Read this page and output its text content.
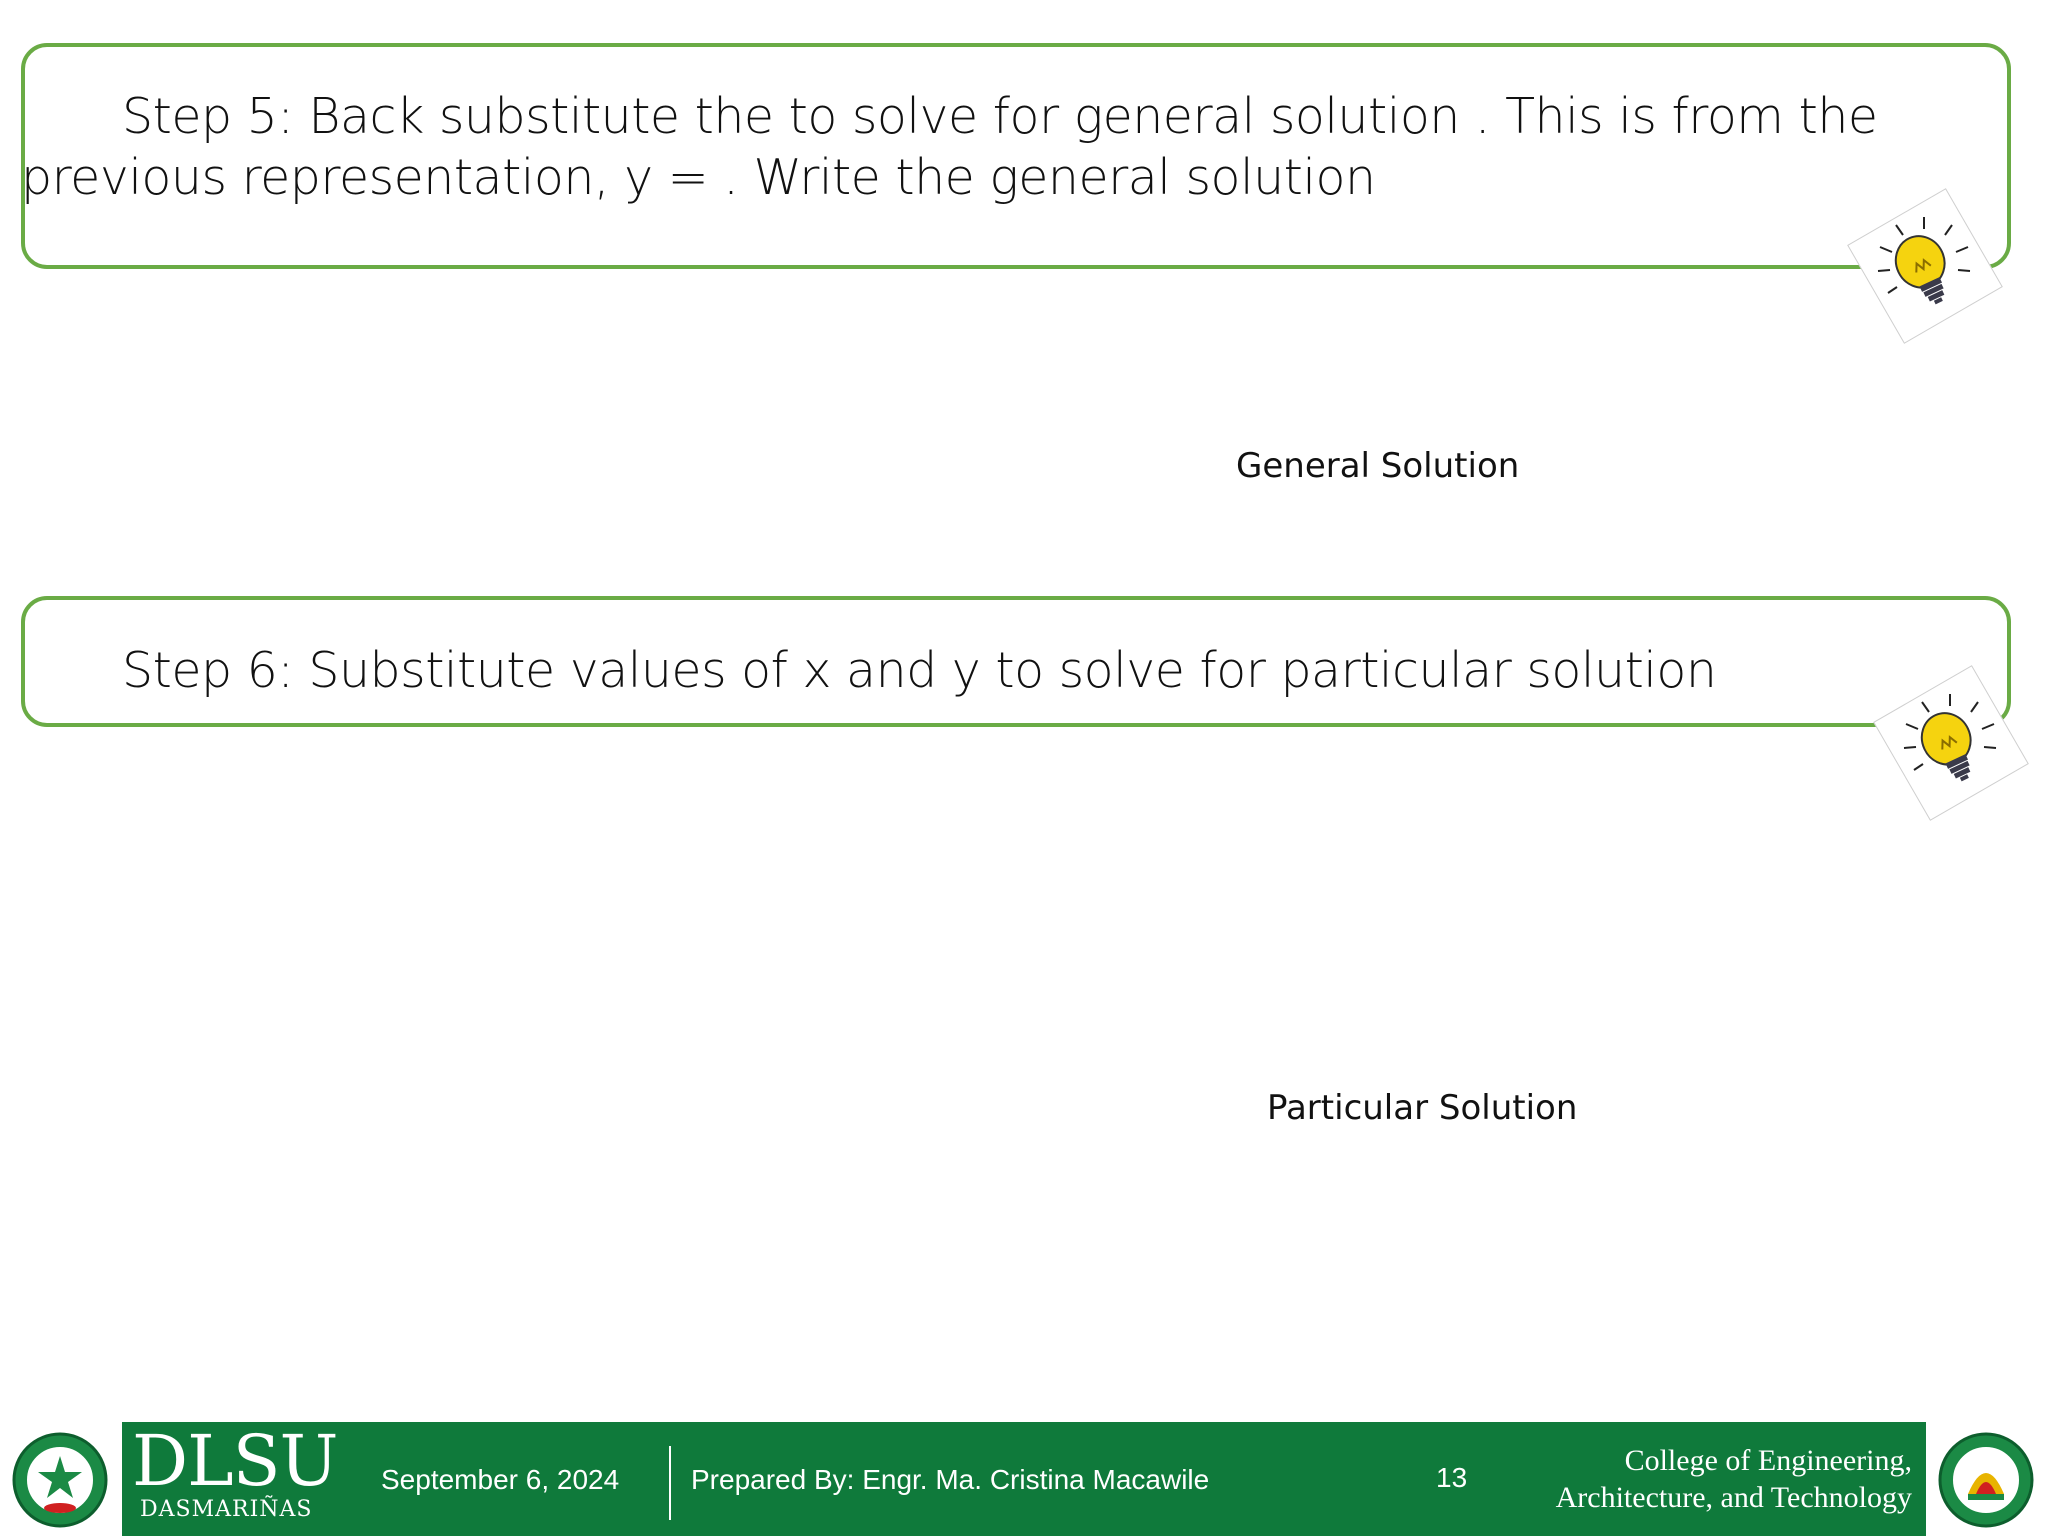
Step 5: Back substitute the to solve for general solution . This is from the
previous representation, y = . Write the general solution
General Solution
Step 6: Substitute values of x and y to solve for particular solution
Particular Solution
DLSU
DASMARIÑAS
September 6, 2024	Prepared By: Engr. Ma. Cristina Macawile	13
College of Engineering,
Architecture, and Technology
